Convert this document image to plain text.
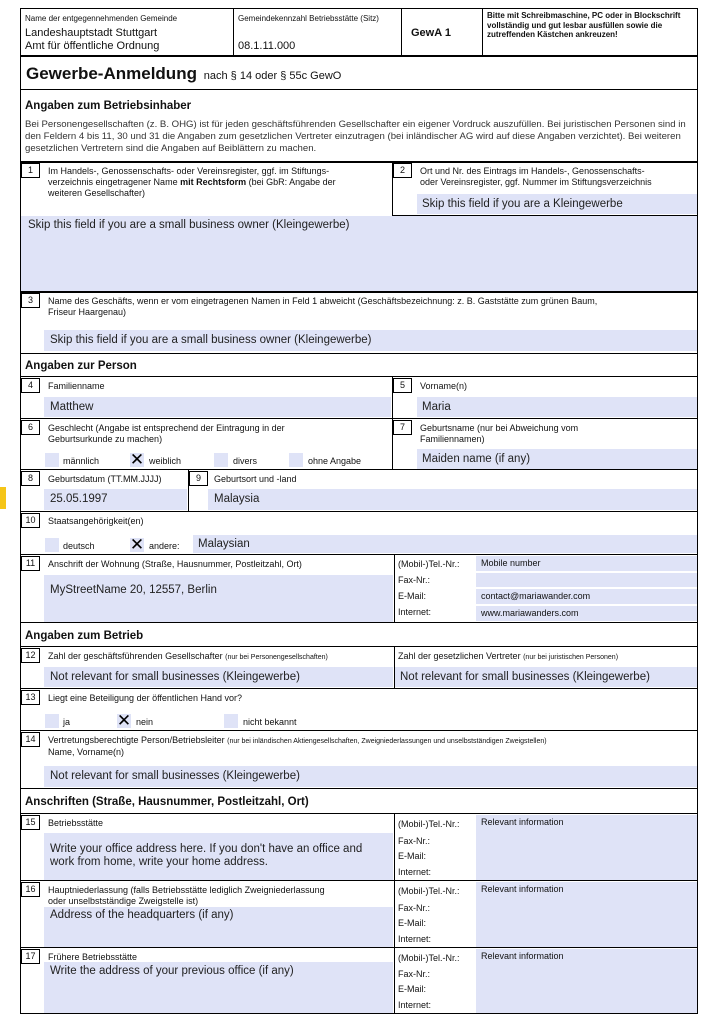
Name der entgegennehmenden Gemeinde
Landeshauptstadt Stuttgart
Amt für öffentliche Ordnung
Gemeindekennzahl Betriebsstätte (Sitz)
08.1.11.000
GewA 1
Bitte mit Schreibmaschine, PC oder in Blockschrift vollständig und gut lesbar ausfüllen sowie die zutreffenden Kästchen ankreuzen!
Gewerbe-Anmeldung nach § 14 oder § 55c GewO
Angaben zum Betriebsinhaber
Bei Personengesellschaften (z. B. OHG) ist für jeden geschäftsführenden Gesellschafter ein eigener Vordruck auszufüllen. Bei juristischen Personen sind in den Feldern 4 bis 11, 30 und 31 die Angaben zum gesetzlichen Vertreter einzutragen (bei inländischer AG wird auf diese Angaben verzichtet). Bei weiteren gesetzlichen Vertretern sind die Angaben auf Beiblättern zu machen.
1	Im Handels-, Genossenschafts- oder Vereinsregister, ggf. im Stiftungs-
verzeichnis eingetragener Name mit Rechtsform (bei GbR: Angabe der
weiteren Gesellschafter)
2	Ort und Nr. des Eintrags im Handels-, Genossenschafts-
oder Vereinsregister, ggf. Nummer im Stiftungsverzeichnis
Skip this field if you are a Kleingewerbe
Skip this field if you are a small business owner (Kleingewerbe)
3	Name des Geschäfts, wenn er vom eingetragenen Namen in Feld 1 abweicht (Geschäftsbezeichnung: z. B. Gaststätte zum grünen Baum,
Friseur Haargenau)
Skip this field if you are a small business owner (Kleingewerbe)
Angaben zur Person
4	Familienname
Matthew
5	Vorname(n)
Maria
6	Geschlecht (Angabe ist entsprechend der Eintragung in der
Geburtsurkunde zu machen)
männlich ✕ weiblich	divers	ohne Angabe
7	Geburtsname (nur bei Abweichung vom
Familiennamen)
Maiden name (if any)
8	Geburtsdatum (TT.MM.JJJJ)
25.05.1997
9	Geburtsort und -land
Malaysia
10	Staatsangehörigkeit(en)
deutsch ✕ andere: Malaysian
11	Anschrift der Wohnung (Straße, Hausnummer, Postleitzahl, Ort)
MyStreetName 20, 12557, Berlin
(Mobil-)Tel.-Nr.: Mobile number
Fax-Nr.:
E-Mail:	contact@mariawander.com
Internet:	www.mariawanders.com
Angaben zum Betrieb
12	Zahl der geschäftsführenden Gesellschafter (nur bei Personengesellschaften)
Not relevant for small businesses (Kleingewerbe)
Zahl der gesetzlichen Vertreter (nur bei juristischen Personen)
Not relevant for small businesses (Kleingewerbe)
13	Liegt eine Beteiligung der öffentlichen Hand vor?
ja	✕ nein	nicht bekannt
14	Vertretungsberechtigte Person/Betriebsleiter (nur bei inländischen Aktiengesellschaften, Zweigniederlassungen und unselbstständigen Zweigstellen)
Name, Vorname(n)
Not relevant for small businesses (Kleingewerbe)
Anschriften (Straße, Hausnummer, Postleitzahl, Ort)
15	Betriebsstätte
Write your office address here. If you don't have an office and work from home, write your home address.
(Mobil-)Tel.-Nr.: Relevant information
Fax-Nr.:
E-Mail:
Internet:
16	Hauptniederlassung (falls Betriebsstätte lediglich Zweigniederlassung
oder unselbstständige Zweigstelle ist)
Address of the headquarters (if any)
(Mobil-)Tel.-Nr.: Relevant information
Fax-Nr.:
E-Mail:
Internet:
17	Frühere Betriebsstätte
Write the address of your previous office (if any)
(Mobil-)Tel.-Nr.: Relevant information
Fax-Nr.:
E-Mail:
Internet:
